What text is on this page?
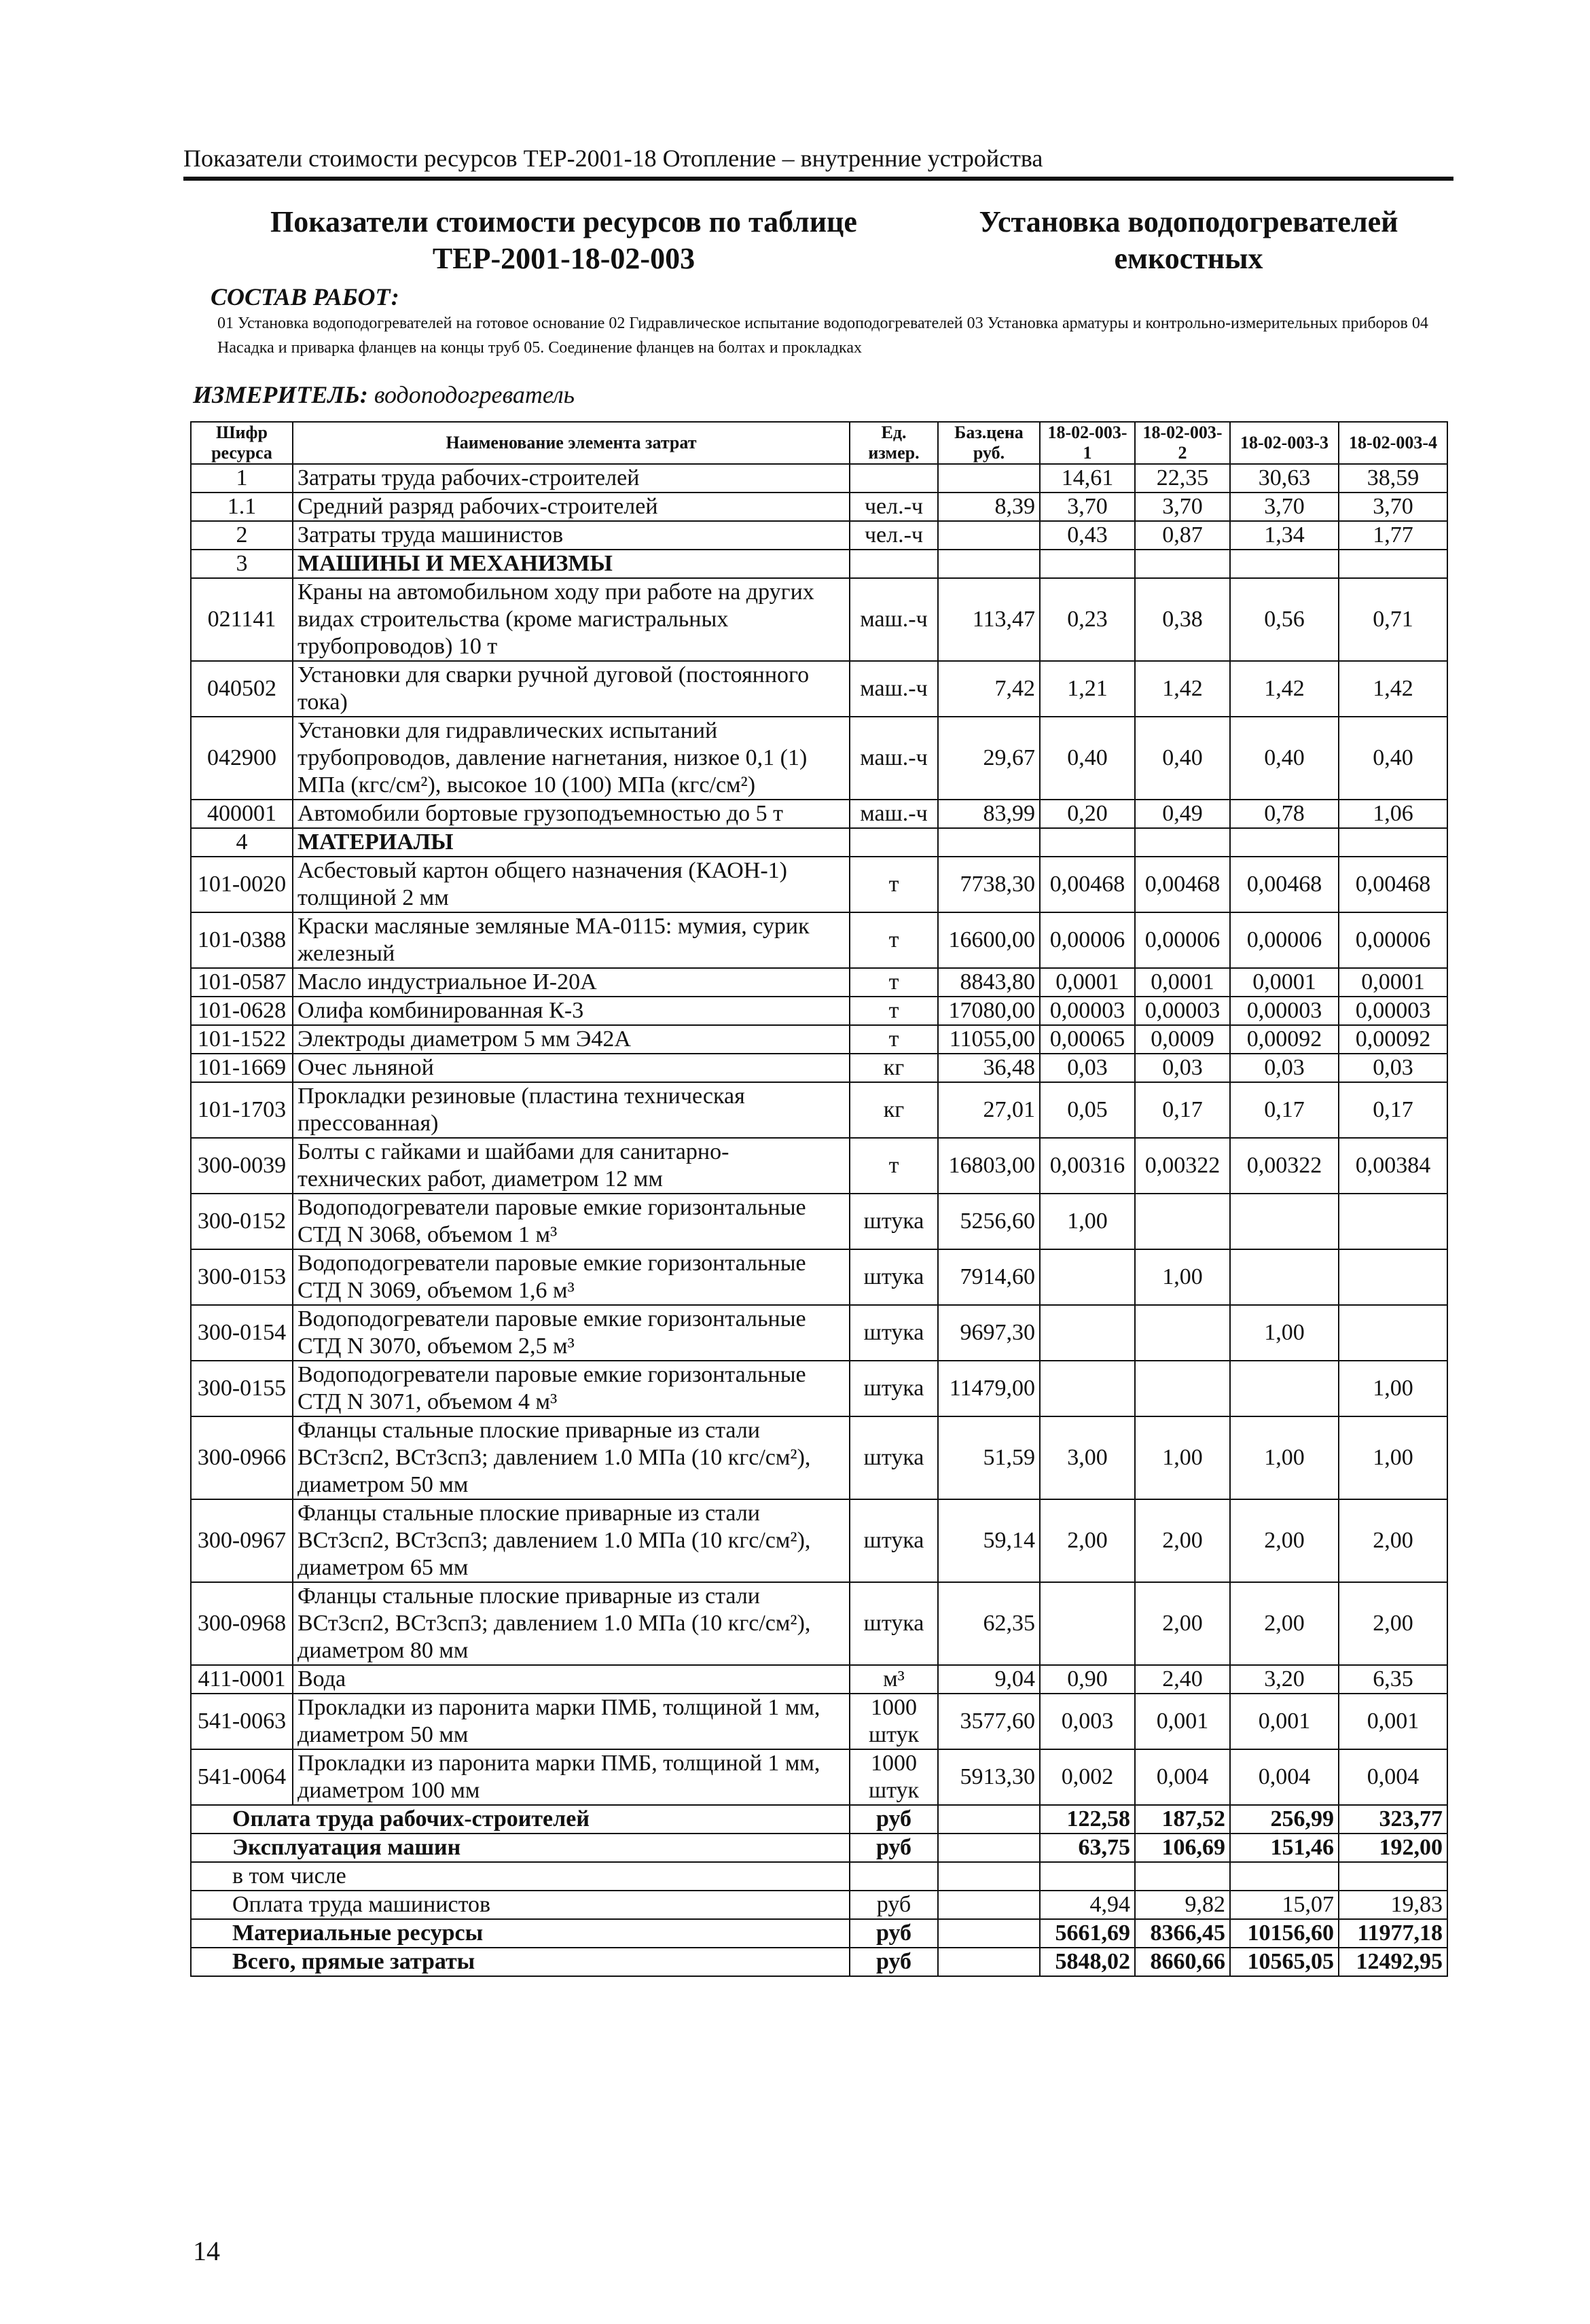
Показатели стоимости ресурсов ТЕР-2001-18 Отопление – внутренние устройства
Показатели стоимости ресурсов по таблице ТЕР-2001-18-02-003
Установка водоподогревателей емкостных
СОСТАВ РАБОТ:
01 Установка водоподогревателей на готовое основание 02 Гидравлическое испытание водоподогревателей 03 Установка арматуры и контрольно-измерительных приборов 04 Насадка и приварка фланцев на концы труб 05. Соединение фланцев на болтах и прокладках
ИЗМЕРИТЕЛЬ: водоподогреватель
Шифр ресурса	Наименование элемента затрат	Ед. измер.	Баз.цена руб.	18-02-003-1	18-02-003-2	18-02-003-3	18-02-003-4
1	Затраты труда рабочих-строителей			14,61	22,35	30,63	38,59
1.1	Средний разряд рабочих-строителей	чел.-ч	8,39	3,70	3,70	3,70	3,70
2	Затраты труда машинистов	чел.-ч		0,43	0,87	1,34	1,77
3	МАШИНЫ И МЕХАНИЗМЫ						
021141	Краны на автомобильном ходу при работе на других видах строительства (кроме магистральных трубопроводов) 10 т	маш.-ч	113,47	0,23	0,38	0,56	0,71
040502	Установки для сварки ручной дуговой (постоянного тока)	маш.-ч	7,42	1,21	1,42	1,42	1,42
042900	Установки для гидравлических испытаний трубопроводов, давление нагнетания, низкое 0,1 (1) МПа (кгс/см²), высокое 10 (100) МПа (кгс/см²)	маш.-ч	29,67	0,40	0,40	0,40	0,40
400001	Автомобили бортовые грузоподъемностью до 5 т	маш.-ч	83,99	0,20	0,49	0,78	1,06
4	МАТЕРИАЛЫ						
101-0020	Асбестовый картон общего назначения (КАОН-1) толщиной 2 мм	т	7738,30	0,00468	0,00468	0,00468	0,00468
101-0388	Краски масляные земляные МА-0115: мумия, сурик железный	т	16600,00	0,00006	0,00006	0,00006	0,00006
101-0587	Масло индустриальное И-20А	т	8843,80	0,0001	0,0001	0,0001	0,0001
101-0628	Олифа комбинированная К-3	т	17080,00	0,00003	0,00003	0,00003	0,00003
101-1522	Электроды диаметром 5 мм Э42А	т	11055,00	0,00065	0,0009	0,00092	0,00092
101-1669	Очес льняной	кг	36,48	0,03	0,03	0,03	0,03
101-1703	Прокладки резиновые (пластина техническая прессованная)	кг	27,01	0,05	0,17	0,17	0,17
300-0039	Болты с гайками и шайбами для санитарно-технических работ, диаметром 12 мм	т	16803,00	0,00316	0,00322	0,00322	0,00384
300-0152	Водоподогреватели паровые емкие горизонтальные СТД N 3068, объемом 1 м³	штука	5256,60	1,00			
300-0153	Водоподогреватели паровые емкие горизонтальные СТД N 3069, объемом 1,6 м³	штука	7914,60		1,00		
300-0154	Водоподогреватели паровые емкие горизонтальные СТД N 3070, объемом 2,5 м³	штука	9697,30			1,00	
300-0155	Водоподогреватели паровые емкие горизонтальные СТД N 3071, объемом 4 м³	штука	11479,00				1,00
300-0966	Фланцы стальные плоские приварные из стали ВСт3сп2, ВСт3сп3; давлением 1.0 МПа (10 кгс/см²), диаметром 50 мм	штука	51,59	3,00	1,00	1,00	1,00
300-0967	Фланцы стальные плоские приварные из стали ВСт3сп2, ВСт3сп3; давлением 1.0 МПа (10 кгс/см²), диаметром 65 мм	штука	59,14	2,00	2,00	2,00	2,00
300-0968	Фланцы стальные плоские приварные из стали ВСт3сп2, ВСт3сп3; давлением 1.0 МПа (10 кгс/см²), диаметром 80 мм	штука	62,35		2,00	2,00	2,00
411-0001	Вода	м³	9,04	0,90	2,40	3,20	6,35
541-0063	Прокладки из паронита марки ПМБ, толщиной 1 мм, диаметром 50 мм	1000 штук	3577,60	0,003	0,001	0,001	0,001
541-0064	Прокладки из паронита марки ПМБ, толщиной 1 мм, диаметром 100 мм	1000 штук	5913,30	0,002	0,004	0,004	0,004
Оплата труда рабочих-строителей		руб		122,58	187,52	256,99	323,77
Эксплуатация машин		руб		63,75	106,69	151,46	192,00
в том числе							
Оплата труда машинистов		руб		4,94	9,82	15,07	19,83
Материальные ресурсы		руб		5661,69	8366,45	10156,60	11977,18
Всего, прямые затраты		руб		5848,02	8660,66	10565,05	12492,95
14
